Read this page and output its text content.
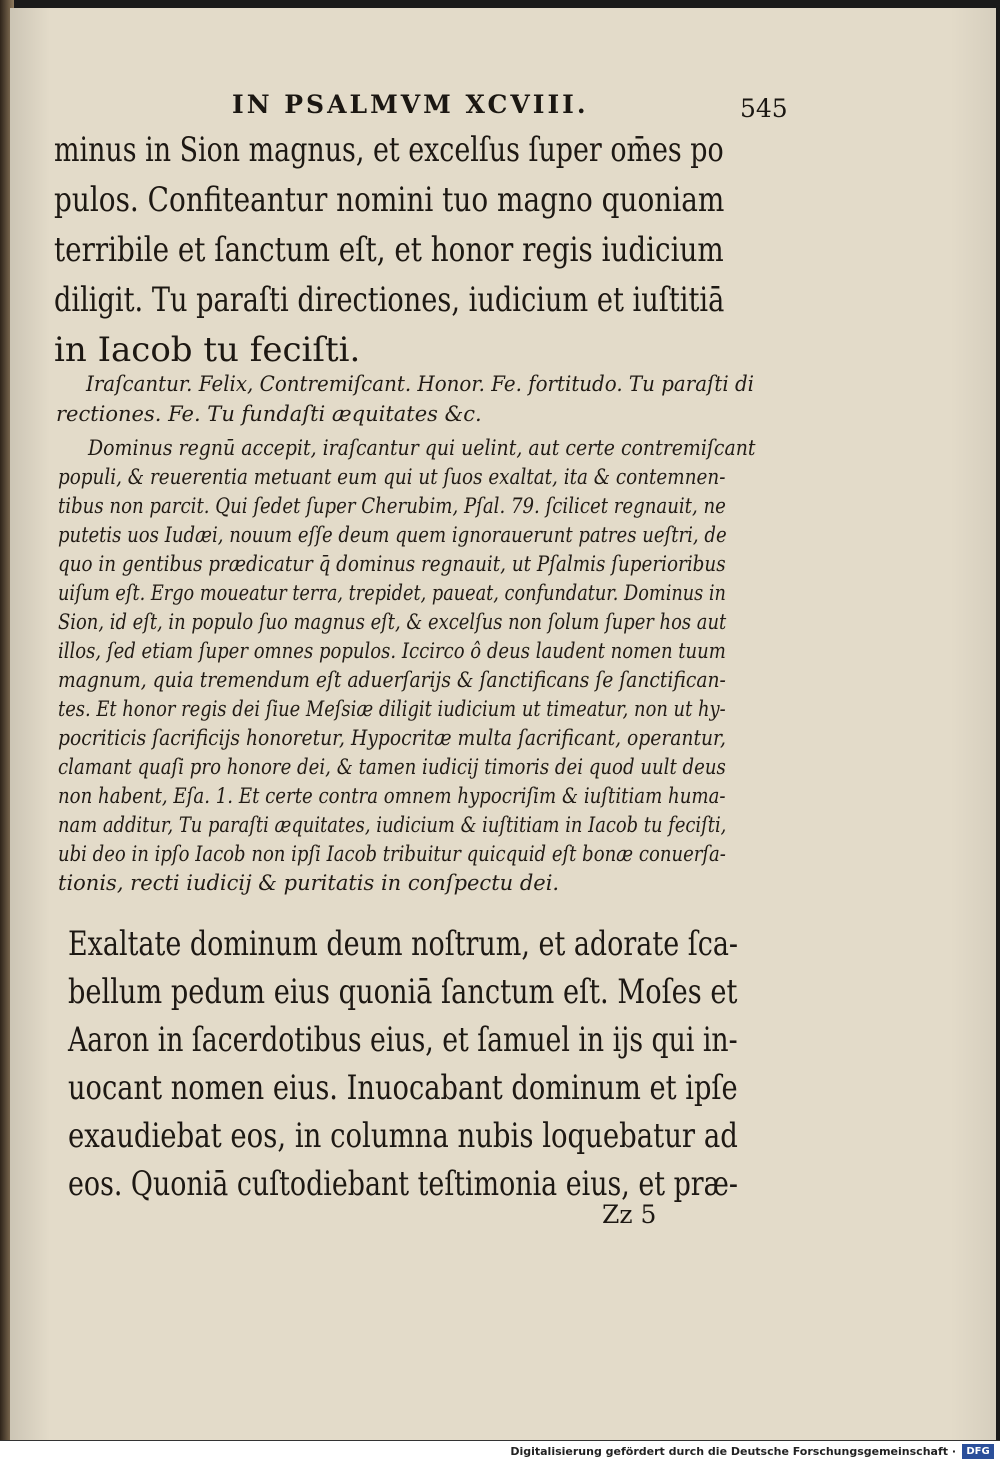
IN PSALMVM XCVIII.	545
minus in Sion magnus, et excelſus ſuper om̄es po
pulos. Confiteantur nomini tuo magno quoniam
terribile et ſanctum eſt, et honor regis iudicium
diligit. Tu paraſti directiones, iudicium et iuſtitiā
in Iacob tu feciſti.
Iraſcantur. Felix, Contremiſcant. Honor. Fe. fortitudo. Tu paraſti di
rectiones. Fe. Tu fundaſti æquitates &c.
Dominus regnū accepit, iraſcantur qui uelint, aut certe contremiſcant
populi, & reuerentia metuant eum qui ut ſuos exaltat, ita & contemnen-
tibus non parcit. Qui ſedet ſuper Cherubim, Pſal. 79. ſcilicet regnauit, ne
putetis uos Iudæi, nouum eſſe deum quem ignorauerunt patres ueſtri, de
quo in gentibus prædicatur q̄ dominus regnauit, ut Pſalmis ſuperioribus
uiſum eſt. Ergo moueatur terra, trepidet, paueat, confundatur. Dominus in
Sion, id eſt, in populo ſuo magnus eſt, & excelſus non ſolum ſuper hos aut
illos, ſed etiam ſuper omnes populos. Iccirco ô deus laudent nomen tuum
magnum, quia tremendum eſt aduerſarijs & ſanctificans ſe ſanctifican-
tes. Et honor regis dei ſiue Meſsiæ diligit iudicium ut timeatur, non ut hy-
pocriticis ſacrificijs honoretur, Hypocritæ multa ſacrificant, operantur,
clamant quaſi pro honore dei, & tamen iudicij timoris dei quod uult deus
non habent, Eſa. 1. Et certe contra omnem hypocriſim & iuſtitiam huma-
nam additur, Tu paraſti æquitates, iudicium & iuſtitiam in Iacob tu feciſti,
ubi deo in ipſo Iacob non ipſi Iacob tribuitur quicquid eſt bonæ conuerſa-
tionis, recti iudicij & puritatis in conſpectu dei.
Exaltate dominum deum noſtrum, et adorate ſca-
bellum pedum eius quoniā ſanctum eſt. Moſes et
Aaron in ſacerdotibus eius, et ſamuel in ijs qui in-
uocant nomen eius. Inuocabant dominum et ipſe
exaudiebat eos, in columna nubis loquebatur ad
eos. Quoniā cuſtodiebant teſtimonia eius, et præ-
Zz 5
Digitalisierung gefördert durch die Deutsche Forschungsgemeinschaft ·	DFG
